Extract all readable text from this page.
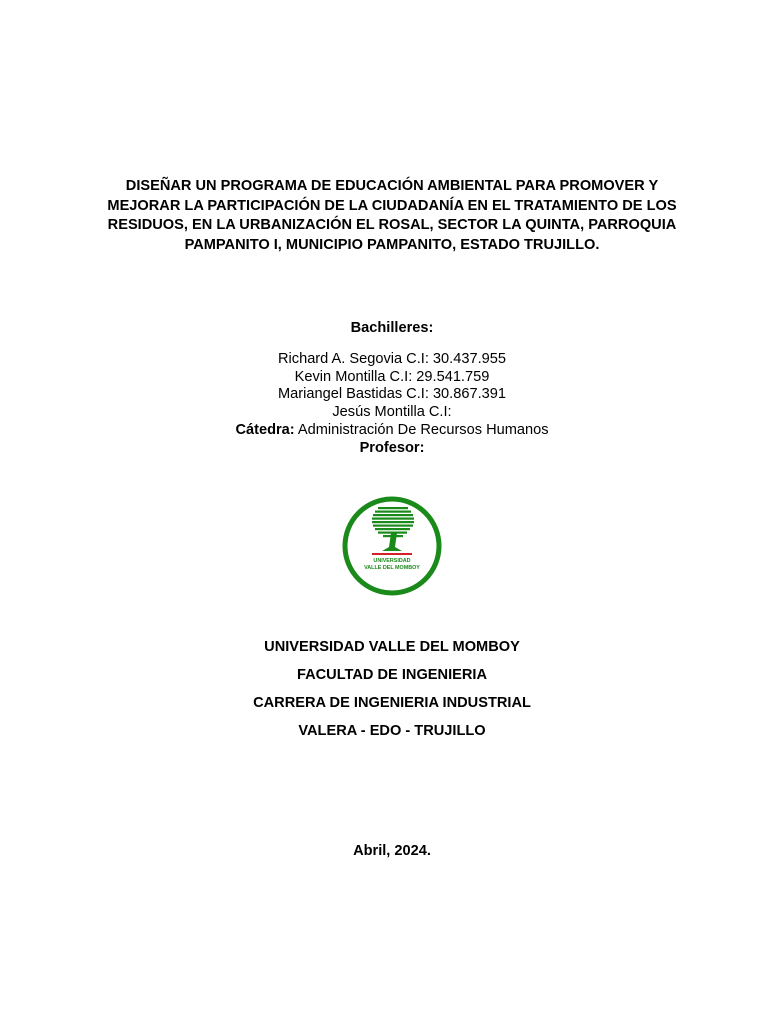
DISEÑAR UN PROGRAMA DE EDUCACIÓN AMBIENTAL PARA PROMOVER Y MEJORAR LA PARTICIPACIÓN DE LA CIUDADANÍA EN EL TRATAMIENTO DE LOS RESIDUOS, EN LA URBANIZACIÓN EL ROSAL, SECTOR LA QUINTA, PARROQUIA PAMPANITO I, MUNICIPIO PAMPANITO, ESTADO TRUJILLO.

Bachilleres:

Richard A. Segovia C.I: 30.437.955
Kevin Montilla C.I: 29.541.759
Mariangel Bastidas C.I: 30.867.391
Jesús Montilla C.I:
Cátedra: Administración De Recursos Humanos
Profesor:
UNIVERSIDAD
VALLE DEL MOMBOY
UNIVERSIDAD VALLE DEL MOMBOY
FACULTAD DE INGENIERIA
CARRERA DE INGENIERIA INDUSTRIAL
VALERA - EDO - TRUJILLO
Abril, 2024.
